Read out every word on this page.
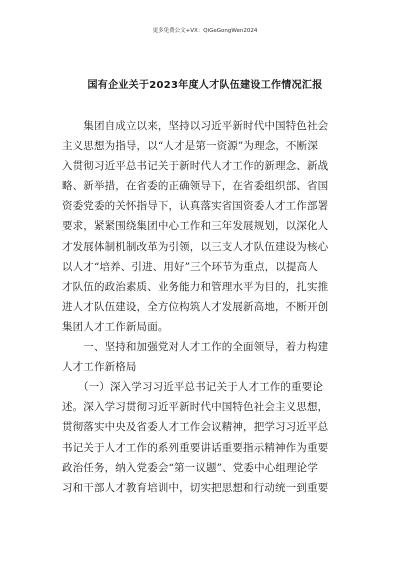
更多免费公文+VX：QiGeGongWen2024
国有企业关于2023年度人才队伍建设工作情况汇报
　　集团自成立以来，坚持以习近平新时代中国特色社会
主义思想为指导，以“人才是第一资源”为理念，不断深
入贯彻习近平总书记关于新时代人才工作的新理念、新战
略、新举措，在省委的正确领导下，在省委组织部、省国
资委党委的关怀指导下，认真落实省国资委人才工作部署
要求，紧紧围绕集团中心工作和三年发展规划，以深化人
才发展体制机制改革为引领，以三支人才队伍建设为核心
以人才“培养、引进、用好”三个环节为重点，以提高人
才队伍的政治素质、业务能力和管理水平为目的，扎实推
进人才队伍建设，全方位构筑人才发展新高地，不断开创
集团人才工作新局面。
　　一、坚持和加强党对人才工作的全面领导，着力构建
人才工作新格局
　　（一）深入学习习近平总书记关于人才工作的重要论
述。深入学习贯彻习近平新时代中国特色社会主义思想，
贯彻落实中央及省委人才工作会议精神，把学习习近平总
书记关于人才工作的系列重要讲话重要指示精神作为重要
政治任务，纳入党委会“第一议题”、党委中心组理论学
习和干部人才教育培训中，切实把思想和行动统一到重要
